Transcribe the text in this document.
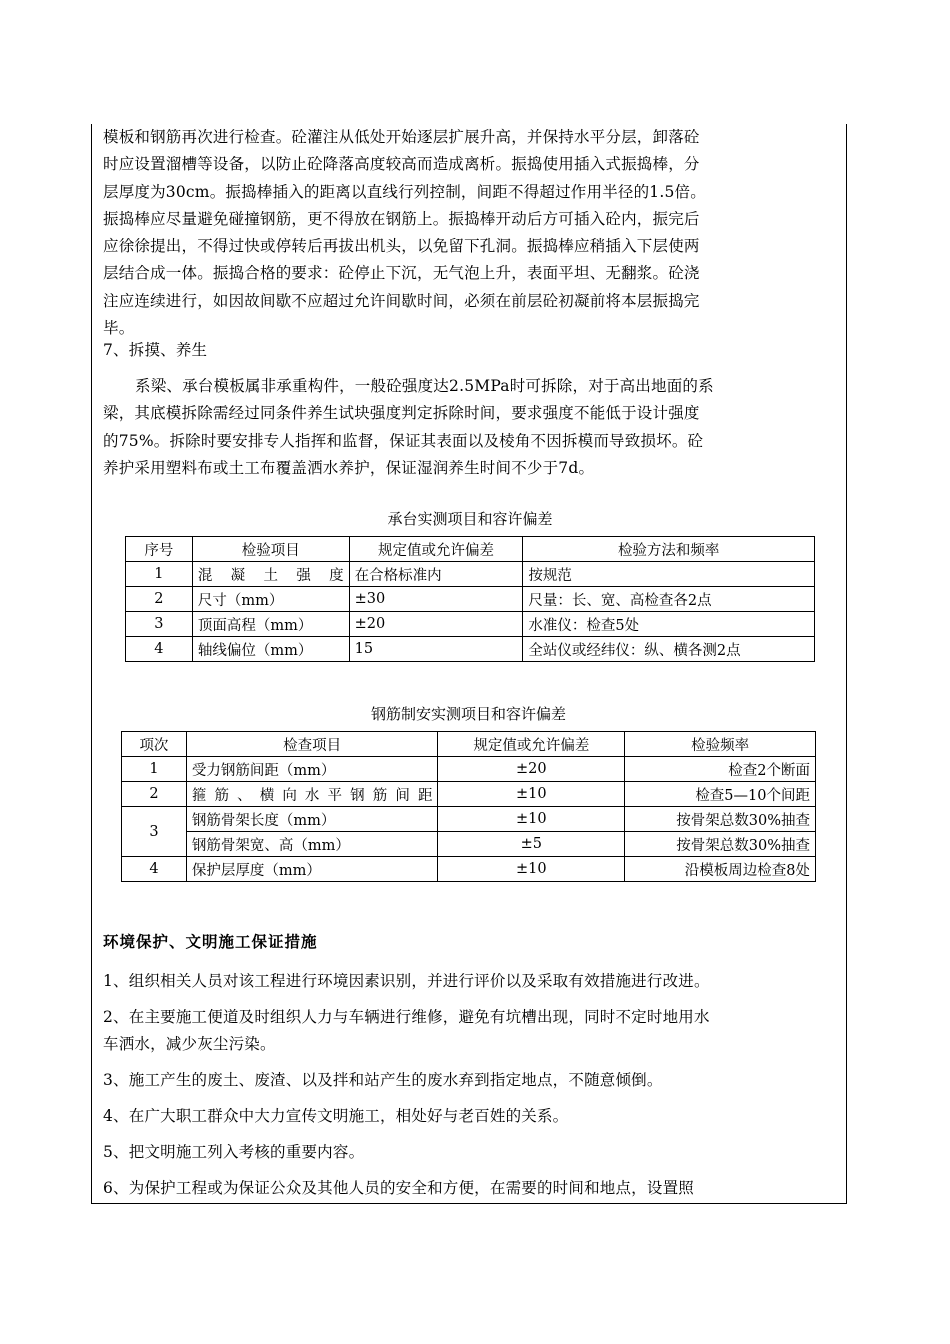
模板和钢筋再次进行检查。砼灌注从低处开始逐层扩展升高，并保持水平分层，卸落砼
时应设置溜槽等设备，以防止砼降落高度较高而造成离析。振捣使用插入式振捣棒，分
层厚度为30cm。振捣棒插入的距离以直线行列控制，间距不得超过作用半径的1.5倍。
振捣棒应尽量避免碰撞钢筋，更不得放在钢筋上。振捣棒开动后方可插入砼内，振完后
应徐徐提出，不得过快或停转后再拔出机头，以免留下孔洞。振捣棒应稍插入下层使两
层结合成一体。振捣合格的要求：砼停止下沉，无气泡上升，表面平坦、无翻浆。砼浇
注应连续进行，如因故间歇不应超过允许间歇时间，必须在前层砼初凝前将本层振捣完
毕。
7、拆摸、养生
系梁、承台模板属非承重构件，一般砼强度达2.5MPa时可拆除，对于高出地面的系
梁，其底模拆除需经过同条件养生试块强度判定拆除时间，要求强度不能低于设计强度
的75%。拆除时要安排专人指挥和监督，保证其表面以及棱角不因拆模而导致损坏。砼
养护采用塑料布或土工布覆盖洒水养护，保证湿润养生时间不少于7d。
承台实测项目和容许偏差
序号	检验项目	规定值或允许偏差	检验方法和频率
1	混凝土强度	在合格标准内	按规范
2	尺寸（mm）	±30	尺量：长、宽、高检查各2点
3	顶面高程（mm）	±20	水准仪：检查5处
4	轴线偏位（mm）	15	全站仪或经纬仪：纵、横各测2点
钢筋制安实测项目和容许偏差
项次	检查项目	规定值或允许偏差	检验频率
1	受力钢筋间距（mm）	±20	检查2个断面
2	箍筋、横向水平钢筋间距	±10	检查5—10个间距
3	钢筋骨架长度（mm）	±10	按骨架总数30%抽查
	钢筋骨架宽、高（mm）	±5	按骨架总数30%抽查
4	保护层厚度（mm）	±10	沿模板周边检查8处
环境保护、文明施工保证措施
1、组织相关人员对该工程进行环境因素识别，并进行评价以及采取有效措施进行改进。
2、在主要施工便道及时组织人力与车辆进行维修，避免有坑槽出现，同时不定时地用水
车洒水，减少灰尘污染。
3、施工产生的废土、废渣、以及拌和站产生的废水弃到指定地点，不随意倾倒。
4、在广大职工群众中大力宣传文明施工，相处好与老百姓的关系。
5、把文明施工列入考核的重要内容。
6、为保护工程或为保证公众及其他人员的安全和方便，在需要的时间和地点，设置照
